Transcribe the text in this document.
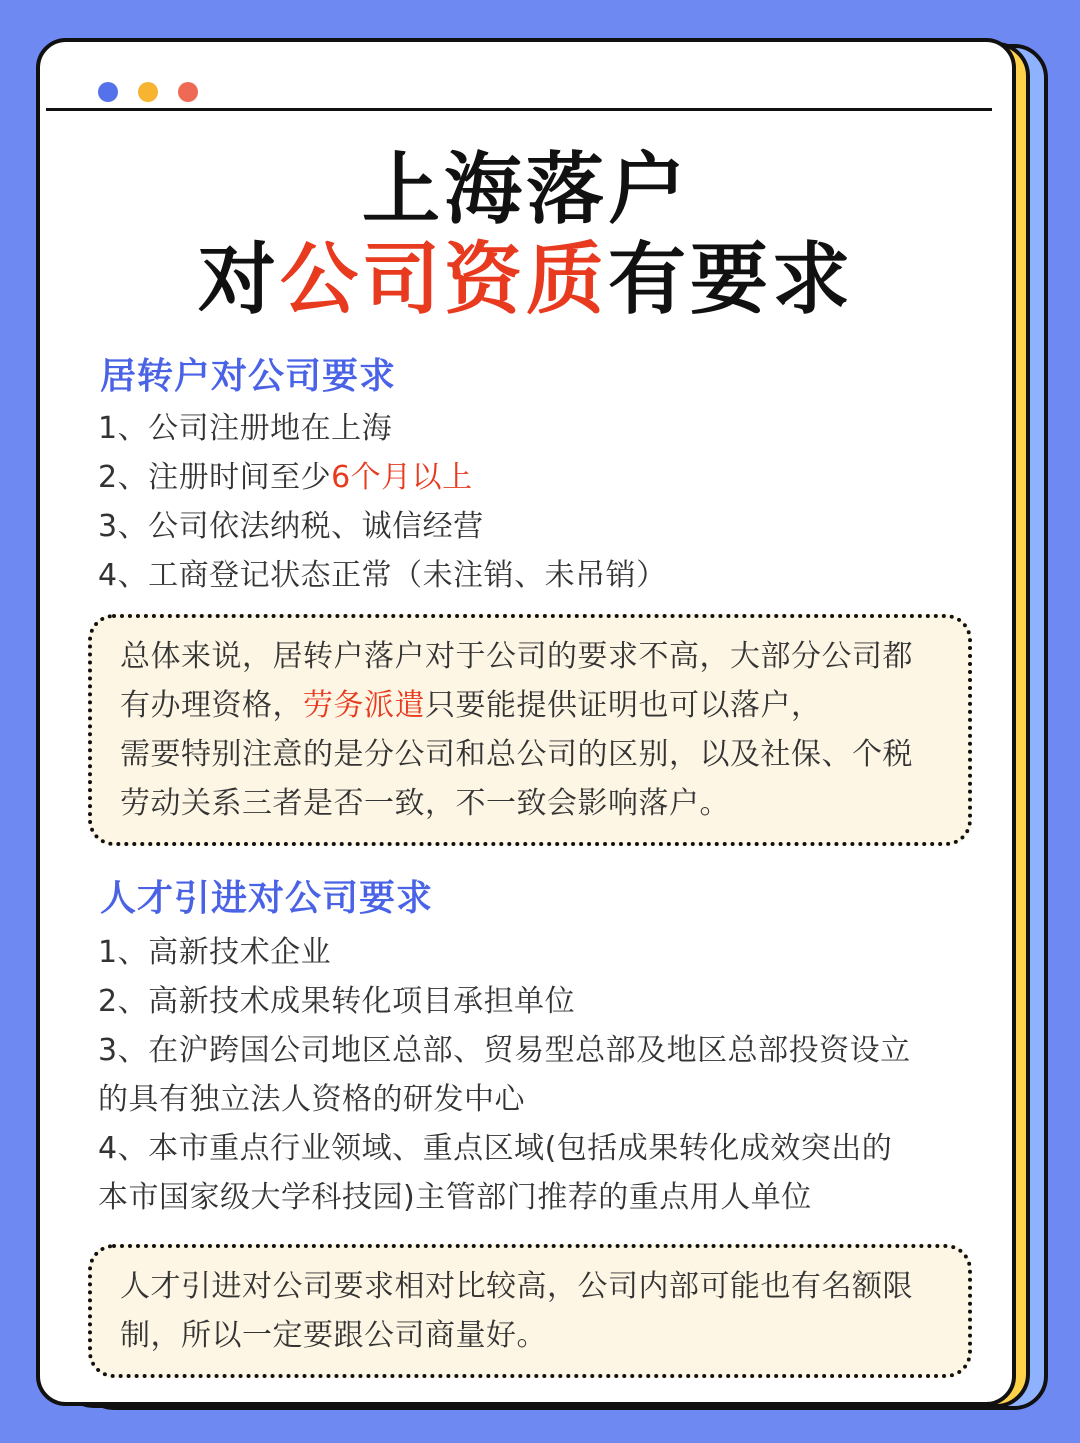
上海落户
对公司资质有要求
居转户对公司要求
1、公司注册地在上海
2、注册时间至少6个月以上
3、公司依法纳税、诚信经营
4、工商登记状态正常（未注销、未吊销）

总体来说，居转户落户对于公司的要求不高，大部分公司都

有办理资格，劳务派遣只要能提供证明也可以落户，

需要特别注意的是分公司和总公司的区别，以及社保、个税

劳动关系三者是否一致，不一致会影响落户。

人才引进对公司要求
1、高新技术企业
2、高新技术成果转化项目承担单位
3、在沪跨国公司地区总部、贸易型总部及地区总部投资设立
的具有独立法人资格的研发中心
4、本市重点行业领域、重点区域(包括成果转化成效突出的
本市国家级大学科技园)主管部门推荐的重点用人单位

人才引进对公司要求相对比较高，公司内部可能也有名额限

制，所以一定要跟公司商量好。
